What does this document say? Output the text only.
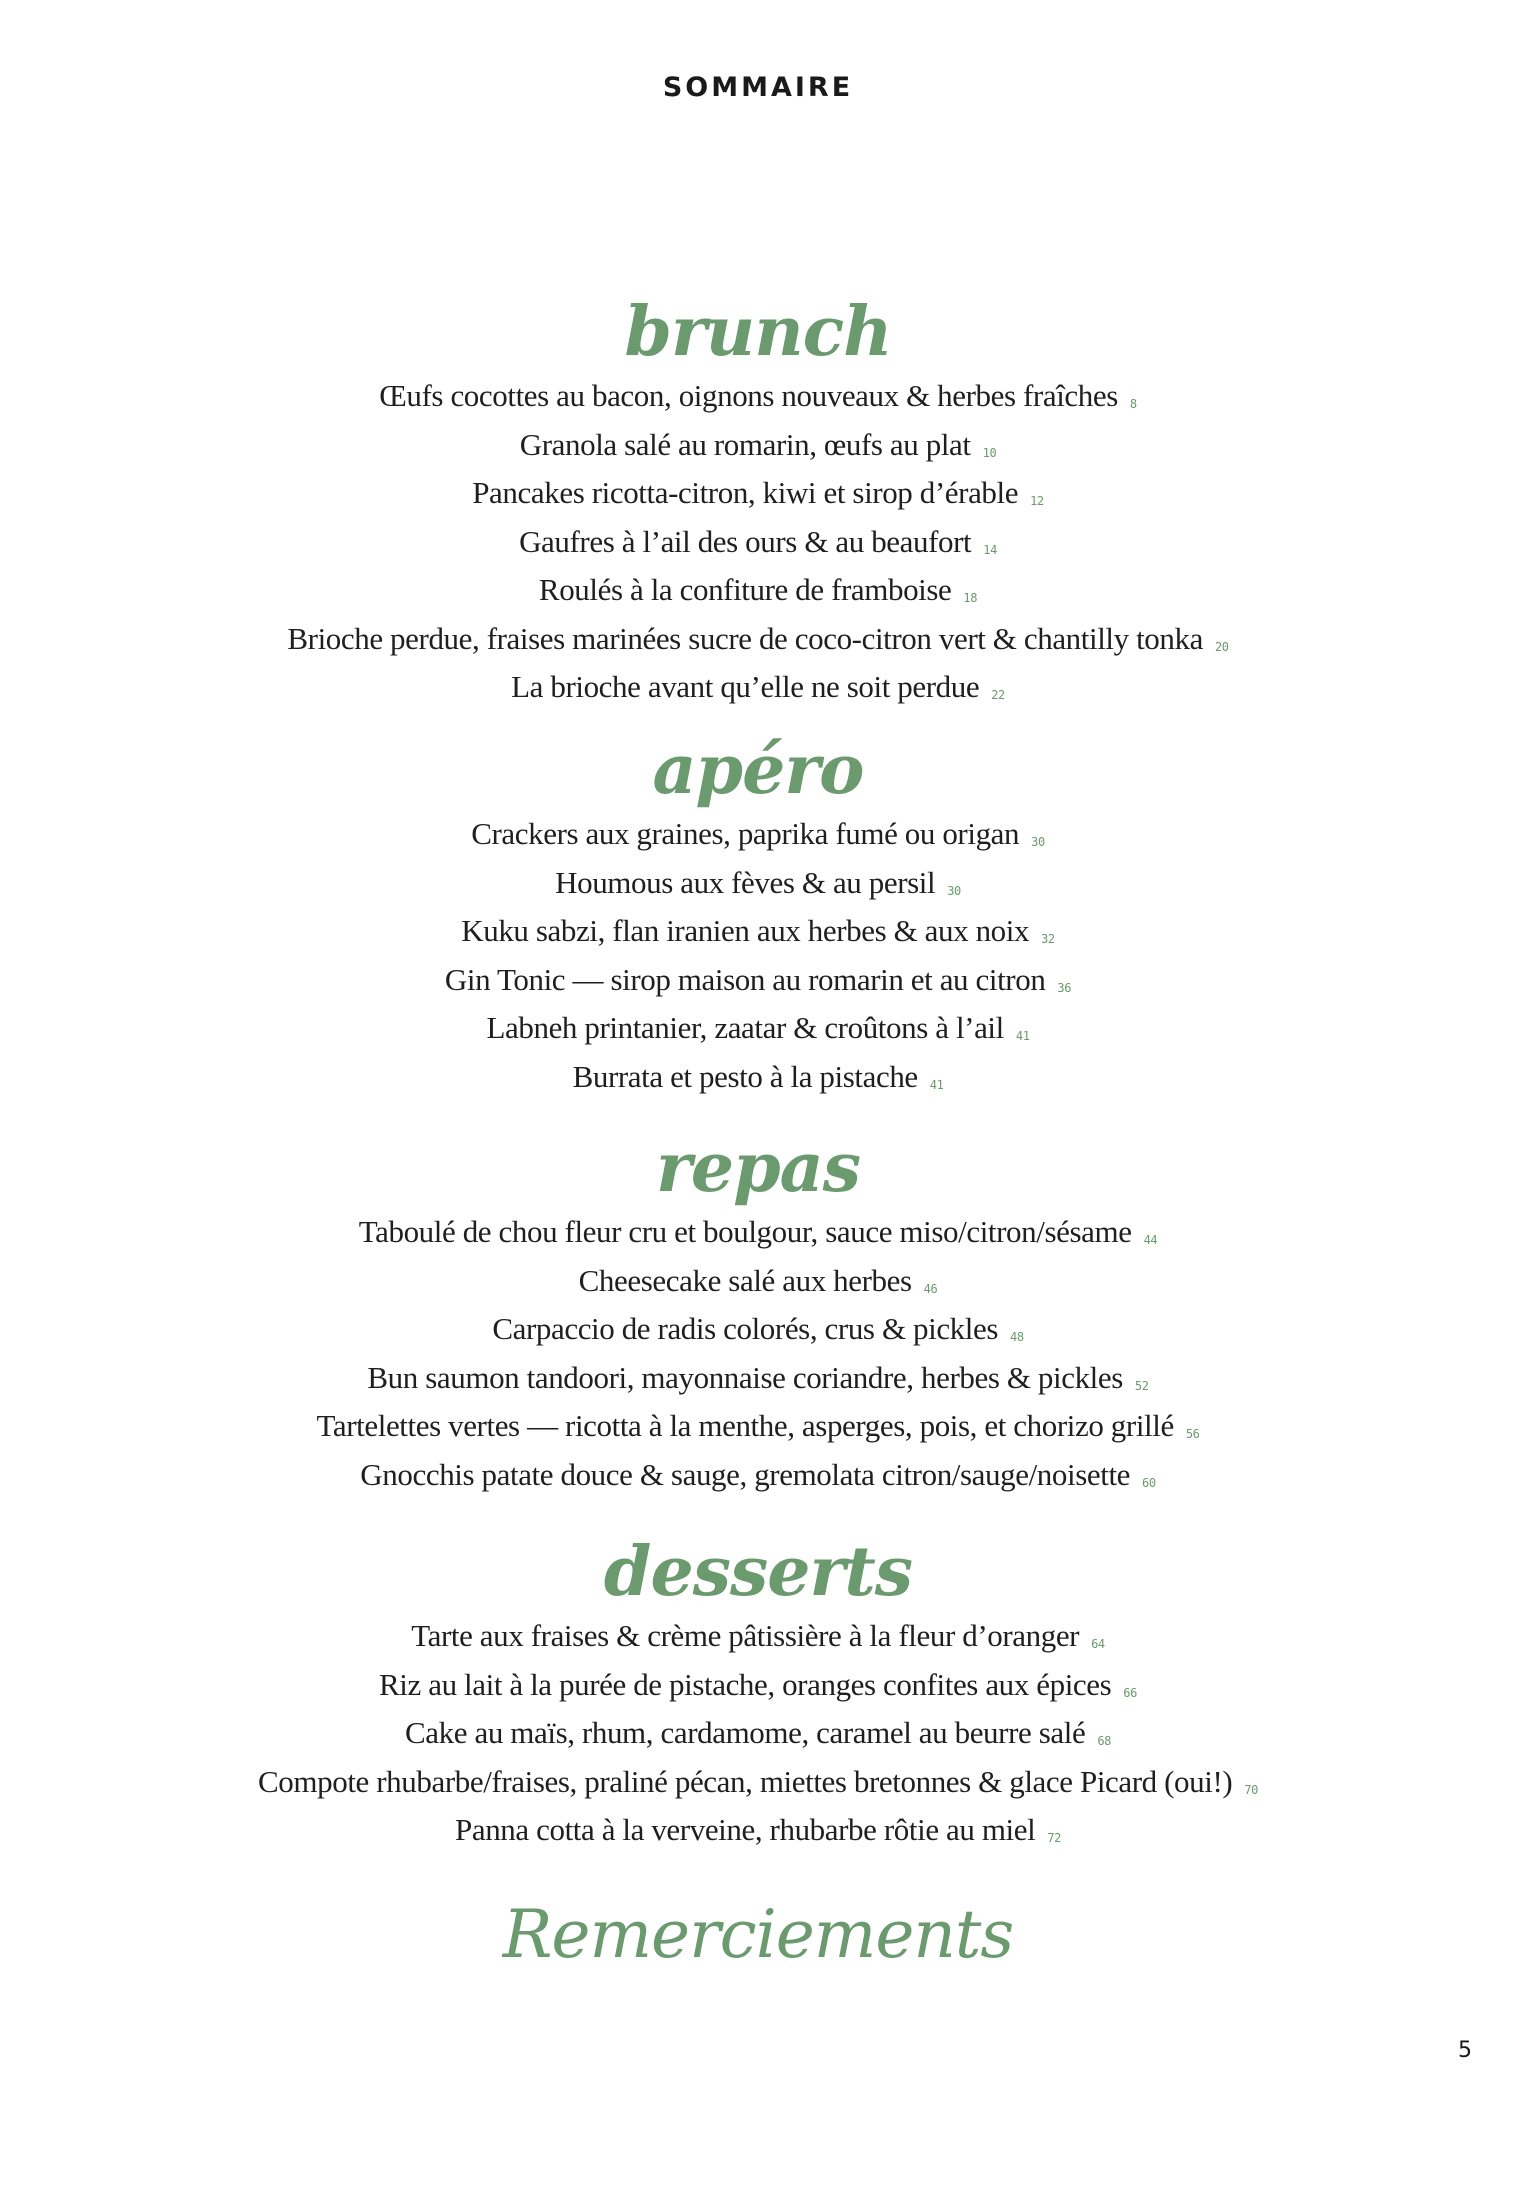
SOMMAIRE
brunch
Œufs cocottes au bacon, oignons nouveaux & herbes fraîches 8
Granola salé au romarin, œufs au plat 10
Pancakes ricotta-citron, kiwi et sirop d’érable 12
Gaufres à l’ail des ours & au beaufort 14
Roulés à la confiture de framboise 18
Brioche perdue, fraises marinées sucre de coco-citron vert & chantilly tonka 20
La brioche avant qu’elle ne soit perdue 22
apéro
Crackers aux graines, paprika fumé ou origan 30
Houmous aux fèves & au persil 30
Kuku sabzi, flan iranien aux herbes & aux noix 32
Gin Tonic — sirop maison au romarin et au citron 36
Labneh printanier, zaatar & croûtons à l’ail 41
Burrata et pesto à la pistache 41
repas
Taboulé de chou fleur cru et boulgour, sauce miso/citron/sésame 44
Cheesecake salé aux herbes 46
Carpaccio de radis colorés, crus & pickles 48
Bun saumon tandoori, mayonnaise coriandre, herbes & pickles 52
Tartelettes vertes — ricotta à la menthe, asperges, pois, et chorizo grillé 56
Gnocchis patate douce & sauge, gremolata citron/sauge/noisette 60
desserts
Tarte aux fraises & crème pâtissière à la fleur d’oranger 64
Riz au lait à la purée de pistache, oranges confites aux épices 66
Cake au maïs, rhum, cardamome, caramel au beurre salé 68
Compote rhubarbe/fraises, praliné pécan, miettes bretonnes & glace Picard (oui!) 70
Panna cotta à la verveine, rhubarbe rôtie au miel 72
Remerciements
5
